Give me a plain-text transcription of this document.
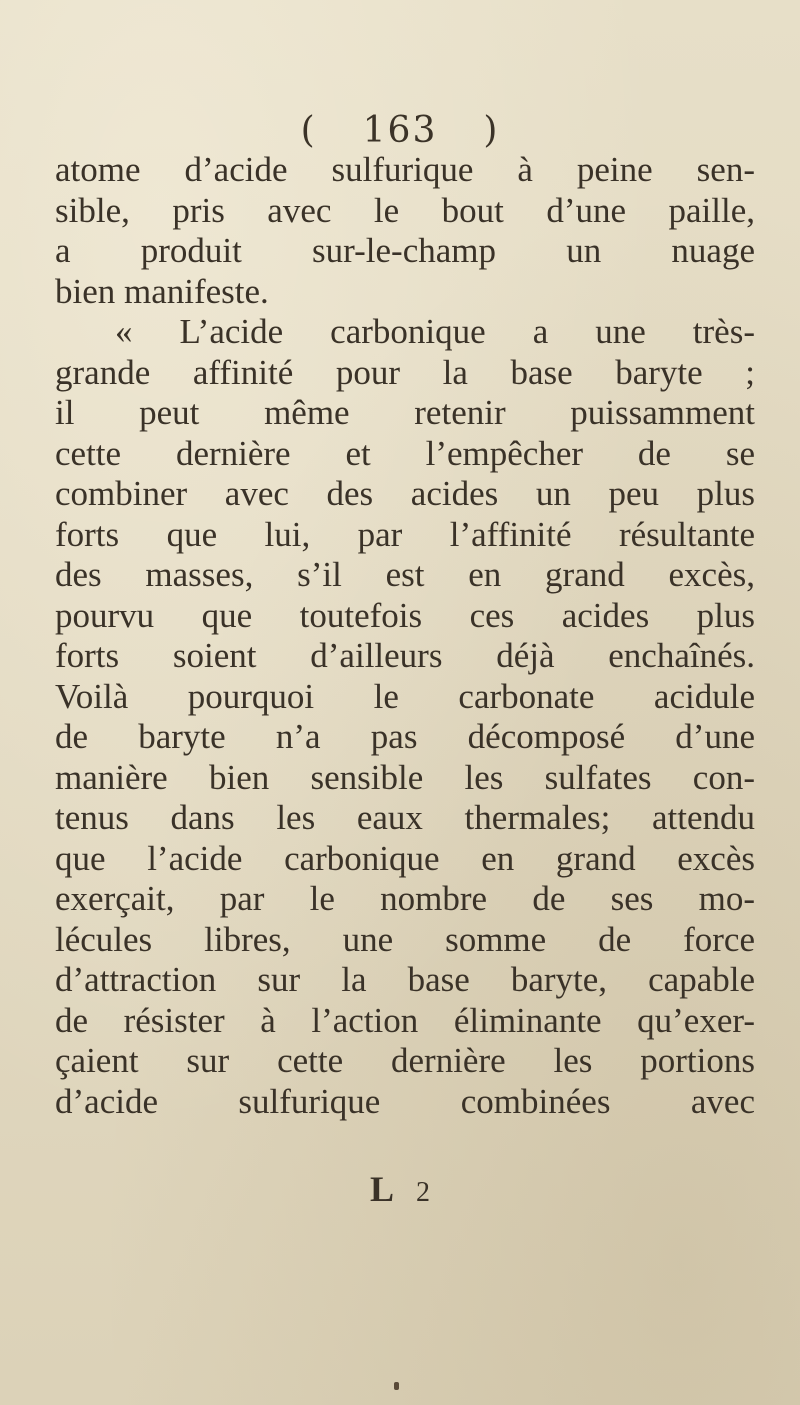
( 163 )
atome d’acide sulfurique à peine sen-
sible, pris avec le bout d’une paille,
a produit sur-le-champ un nuage
bien manifeste.
« L’acide carbonique a une très-
grande affinité pour la base baryte ;
il peut même retenir puissamment
cette dernière et l’empêcher de se
combiner avec des acides un peu plus
forts que lui, par l’affinité résultante
des masses, s’il est en grand excès,
pourvu que toutefois ces acides plus
forts soient d’ailleurs déjà enchaînés.
Voilà pourquoi le carbonate acidule
de baryte n’a pas décomposé d’une
manière bien sensible les sulfates con-
tenus dans les eaux thermales; attendu
que l’acide carbonique en grand excès
exerçait, par le nombre de ses mo-
lécules libres, une somme de force
d’attraction sur la base baryte, capable
de résister à l’action éliminante qu’exer-
çaient sur cette dernière les portions
d’acide sulfurique combinées avec
L 2
